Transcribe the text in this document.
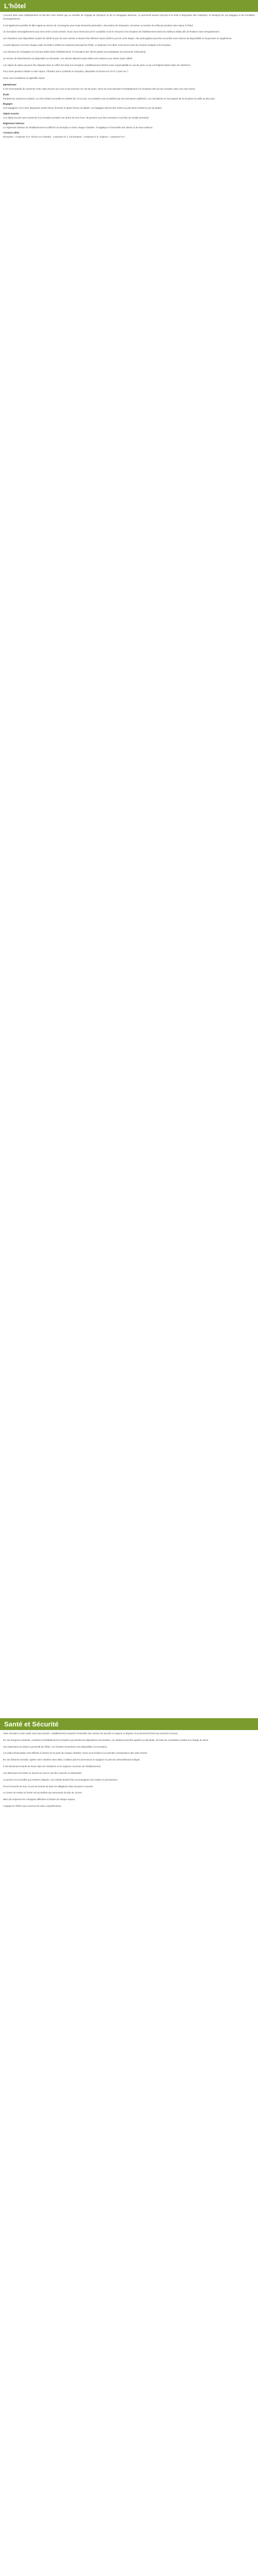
L'hôtel
L'accueil dans votre établissement se fait dès votre arrivée par un membre de l'équipe de l'aéroport ou de la compagnie aérienne. Le personnel assure l'accueil et la mise à disposition des chambres, le transport de vos bagages et les formalités d'enregistrement.
Il est également possible de faire appel au service de conciergerie pour toute demande particulière, réservation de restaurant, excursion ou location de véhicule pendant votre séjour à l'hôtel.
Un formulaire d'enregistrement vous sera remis à votre arrivée. Nous vous remercions de le compléter et de le retourner à la réception de l'établissement dans les meilleurs délais afin de finaliser votre enregistrement.
Les chambres sont disponibles à partir de 15h00 le jour de votre arrivée et doivent être libérées avant 11h00 le jour de votre départ. Une prolongation peut être accordée sous réserve de disponibilité et moyennant un supplément.
Le petit déjeuner est servi chaque matin de 6h30 à 10h00 au restaurant principal de l'hôtel. Le déjeuner et le dîner sont servis selon les horaires indiqués à la réception.
Les animaux de compagnie ne sont pas admis dans l'établissement, à l'exception des chiens guides accompagnant une personne malvoyante.
Un service de blanchisserie est disponible sur demande. Les articles déposés avant 9h00 sont rendus le jour même avant 18h00.
Les objets de valeur peuvent être déposés dans le coffre-fort situé à la réception. L'établissement décline toute responsabilité en cas de perte ou de vol d'objets laissés dans les chambres.
Pour toute question relative à votre séjour, n'hésitez pas à contacter la réception, disponible 24 heures sur 24 et 7 jours sur 7.
Nous vous souhaitons un agréable séjour.
IMPORTANT
Il est recommandé de conserver votre carte d'accès sur vous à tout moment. En cas de perte, merci de vous adresser immédiatement à la réception afin qu'une nouvelle carte vous soit remise.
École
Pendant les vacances scolaires, un club enfants accueille les enfants de 4 à 12 ans. Les activités sont encadrées par des animateurs diplômés. Les inscriptions se font auprès de la réception la veille au plus tard.
Bagages
Une bagagerie est à votre disposition avant l'heure d'arrivée et après l'heure de départ. Les bagages doivent être retirés au plus tard à 22h00 le jour du départ.
Objets trouvés
Les objets trouvés sont conservés à la réception pendant une durée de trois mois. Ils peuvent vous être renvoyés à vos frais sur simple demande.
Règlement intérieur
Le règlement intérieur de l'établissement est affiché à la réception et dans chaque chambre. Il s'applique à l'ensemble des clients et de leurs visiteurs.
Contacts utiles
Réception : composez le 9. Service en chambre : composez le 3. Conciergerie : composez le 5. Urgence : composez le 0.
Santé et Sécurité
Votre sécurité et votre santé sont notre priorité. L'établissement respecte l'ensemble des normes de sécurité en vigueur et dispose d'un personnel formé aux premiers secours.
En cas d'urgence médicale, contactez immédiatement la réception qui prendra les dispositions nécessaires. Un médecin peut être appelé sur demande, les frais de consultation restant à la charge du client.
Une pharmacie est située à proximité de l'hôtel. Les horaires d'ouverture sont disponibles à la réception.
Les plans d'évacuation sont affichés à l'arrière de la porte de chaque chambre. Nous vous invitons à en prendre connaissance dès votre arrivée.
En cas d'alarme incendie, quittez votre chambre sans délai, n'utilisez pas les ascenseurs et rejoignez le point de rassemblement indiqué.
Il est strictement interdit de fumer dans les chambres et les espaces communs de l'établissement.
Les détecteurs de fumée ne doivent en aucun cas être couverts ou désactivés.
La piscine est surveillée aux horaires indiqués. Les enfants doivent être accompagnés d'un adulte en permanence.
Pour la sécurité de tous, le port du bonnet de bain est obligatoire dans la piscine couverte.
Le centre de remise en forme est accessible aux personnes de plus de 16 ans.
Merci de respecter les consignes affichées à l'entrée de chaque espace.
L'équipe de l'hôtel vous remercie de votre compréhension.
